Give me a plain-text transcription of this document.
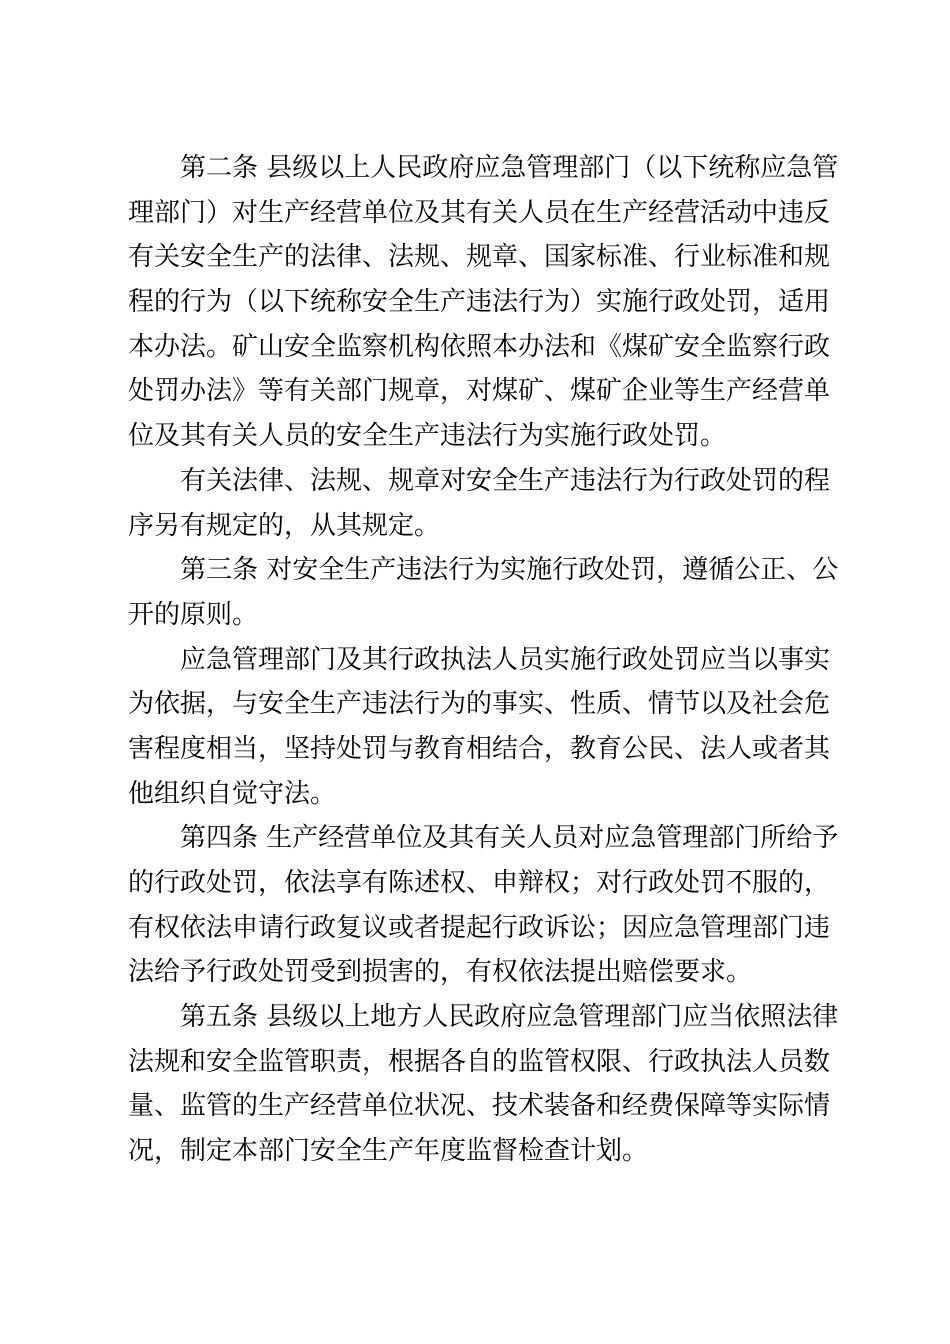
第二条 县级以上人民政府应急管理部门（以下统称应急管
理部门）对生产经营单位及其有关人员在生产经营活动中违反
有关安全生产的法律、法规、规章、国家标准、行业标准和规
程的行为（以下统称安全生产违法行为）实施行政处罚，适用
本办法。矿山安全监察机构依照本办法和《煤矿安全监察行政
处罚办法》等有关部门规章，对煤矿、煤矿企业等生产经营单
位及其有关人员的安全生产违法行为实施行政处罚。
有关法律、法规、规章对安全生产违法行为行政处罚的程
序另有规定的，从其规定。
第三条 对安全生产违法行为实施行政处罚，遵循公正、公
开的原则。
应急管理部门及其行政执法人员实施行政处罚应当以事实
为依据，与安全生产违法行为的事实、性质、情节以及社会危
害程度相当，坚持处罚与教育相结合，教育公民、法人或者其
他组织自觉守法。
第四条 生产经营单位及其有关人员对应急管理部门所给予
的行政处罚，依法享有陈述权、申辩权；对行政处罚不服的，
有权依法申请行政复议或者提起行政诉讼；因应急管理部门违
法给予行政处罚受到损害的，有权依法提出赔偿要求。
第五条 县级以上地方人民政府应急管理部门应当依照法律
法规和安全监管职责，根据各自的监管权限、行政执法人员数
量、监管的生产经营单位状况、技术装备和经费保障等实际情
况，制定本部门安全生产年度监督检查计划。
